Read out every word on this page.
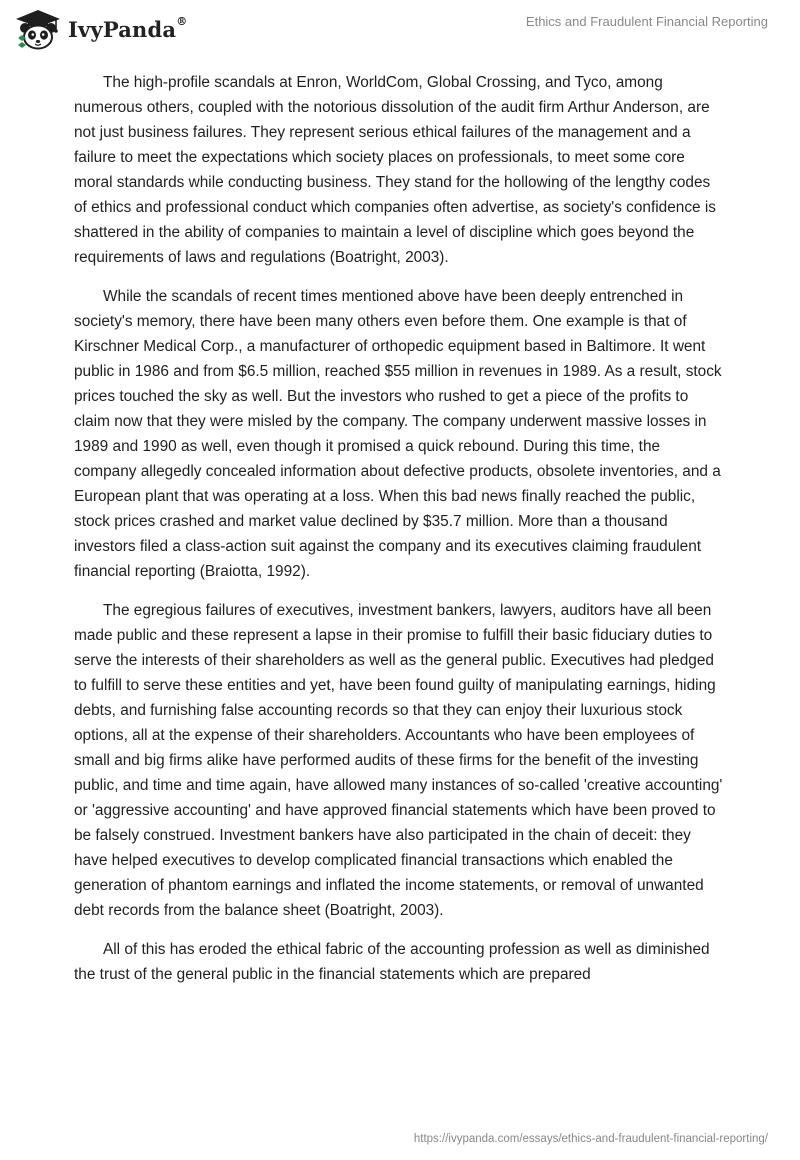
IvyPanda®	Ethics and Fraudulent Financial Reporting

The high-profile scandals at Enron, WorldCom, Global Crossing, and Tyco, among numerous others, coupled with the notorious dissolution of the audit firm Arthur Anderson, are not just business failures. They represent serious ethical failures of the management and a failure to meet the expectations which society places on professionals, to meet some core moral standards while conducting business. They stand for the hollowing of the lengthy codes of ethics and professional conduct which companies often advertise, as society's confidence is shattered in the ability of companies to maintain a level of discipline which goes beyond the requirements of laws and regulations (Boatright, 2003).

While the scandals of recent times mentioned above have been deeply entrenched in society's memory, there have been many others even before them. One example is that of Kirschner Medical Corp., a manufacturer of orthopedic equipment based in Baltimore. It went public in 1986 and from $6.5 million, reached $55 million in revenues in 1989. As a result, stock prices touched the sky as well. But the investors who rushed to get a piece of the profits to claim now that they were misled by the company. The company underwent massive losses in 1989 and 1990 as well, even though it promised a quick rebound. During this time, the company allegedly concealed information about defective products, obsolete inventories, and a European plant that was operating at a loss. When this bad news finally reached the public, stock prices crashed and market value declined by $35.7 million. More than a thousand investors filed a class-action suit against the company and its executives claiming fraudulent financial reporting (Braiotta, 1992).

The egregious failures of executives, investment bankers, lawyers, auditors have all been made public and these represent a lapse in their promise to fulfill their basic fiduciary duties to serve the interests of their shareholders as well as the general public. Executives had pledged to fulfill to serve these entities and yet, have been found guilty of manipulating earnings, hiding debts, and furnishing false accounting records so that they can enjoy their luxurious stock options, all at the expense of their shareholders. Accountants who have been employees of small and big firms alike have performed audits of these firms for the benefit of the investing public, and time and time again, have allowed many instances of so-called 'creative accounting' or 'aggressive accounting' and have approved financial statements which have been proved to be falsely construed. Investment bankers have also participated in the chain of deceit: they have helped executives to develop complicated financial transactions which enabled the generation of phantom earnings and inflated the income statements, or removal of unwanted debt records from the balance sheet (Boatright, 2003).

All of this has eroded the ethical fabric of the accounting profession as well as diminished the trust of the general public in the financial statements which are prepared

https://ivypanda.com/essays/ethics-and-fraudulent-financial-reporting/
